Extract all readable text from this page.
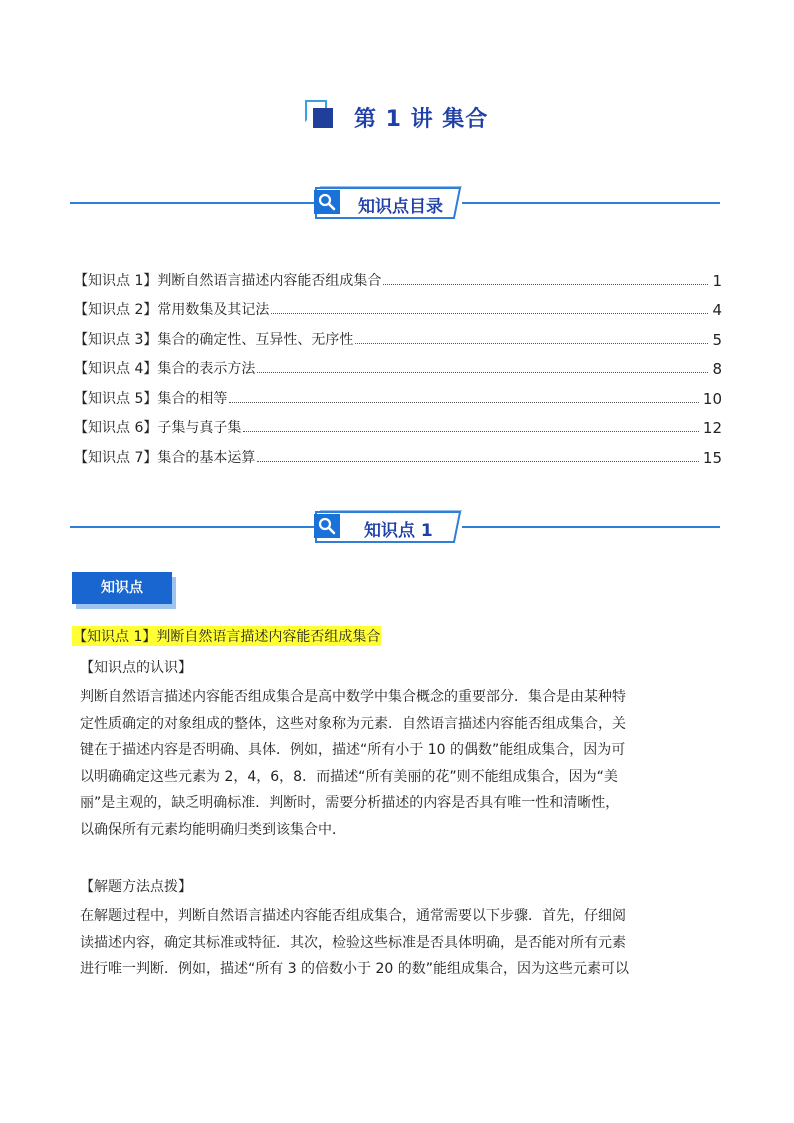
第 1 讲 集合
知识点目录
【知识点 1】判断自然语言描述内容能否组成集合	1
【知识点 2】常用数集及其记法	4
【知识点 3】集合的确定性、互异性、无序性	5
【知识点 4】集合的表示方法	8
【知识点 5】集合的相等	10
【知识点 6】子集与真子集	12
【知识点 7】集合的基本运算	15
知识点 1
知识点
【知识点 1】判断自然语言描述内容能否组成集合
【知识点的认识】
判断自然语言描述内容能否组成集合是高中数学中集合概念的重要部分．集合是由某种特
定性质确定的对象组成的整体，这些对象称为元素．自然语言描述内容能否组成集合，关
键在于描述内容是否明确、具体．例如，描述“所有小于 10 的偶数”能组成集合，因为可
以明确确定这些元素为 2，4，6，8．而描述“所有美丽的花”则不能组成集合，因为“美
丽”是主观的，缺乏明确标准．判断时，需要分析描述的内容是否具有唯一性和清晰性，
以确保所有元素均能明确归类到该集合中．
【解题方法点拨】
在解题过程中，判断自然语言描述内容能否组成集合，通常需要以下步骤．首先，仔细阅
读描述内容，确定其标准或特征．其次，检验这些标准是否具体明确，是否能对所有元素
进行唯一判断．例如，描述“所有 3 的倍数小于 20 的数”能组成集合，因为这些元素可以
